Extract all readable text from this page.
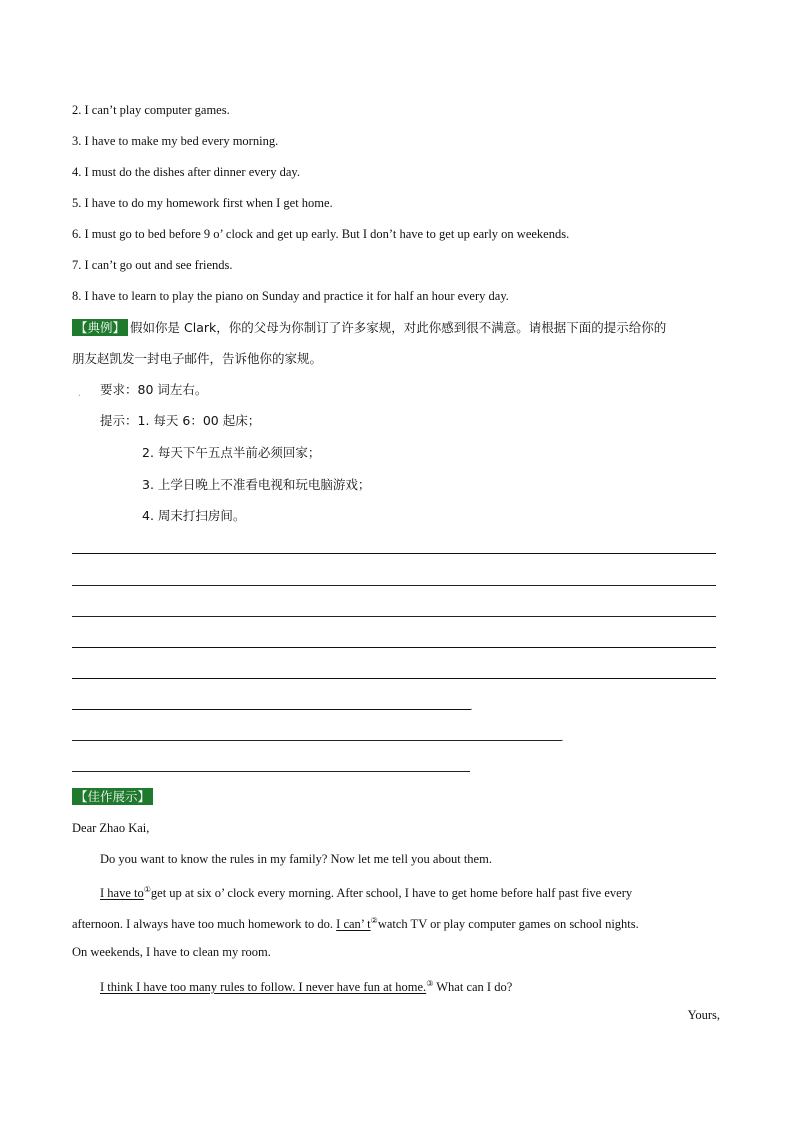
2. I can’t play computer games.
3. I have to make my bed every morning.
4. I must do the dishes after dinner every day.
5. I have to do my homework first when I get home.
6. I must go to bed before 9 o’ clock and get up early. But I don’t have to get up early on weekends.
7. I can’t go out and see friends.
8. I have to learn to play the piano on Sunday and practice it for half an hour every day.
【典例】 假如你是 Clark，你的父母为你制订了许多家规，对此你感到很不满意。请根据下面的提示给你的
朋友赵凯发一封电子邮件，告诉他你的家规。
. 要求：80 词左右。
提示：1. 每天 6：00 起床；
2. 每天下午五点半前必须回家；
3. 上学日晚上不准看电视和玩电脑游戏；
4. 周末打扫房间。
.
.
【佳作展示】
Dear Zhao Kai,
Do you want to know the rules in my family? Now let me tell you about them.
I have to①get up at six o’ clock every morning. After school, I have to get home before half past five every
afternoon. I always have too much homework to do. I can’ t②watch TV or play computer games on school nights.
On weekends, I have to clean my room.
I think I have too many rules to follow. I never have fun at home.③ What can I do?
Yours,
